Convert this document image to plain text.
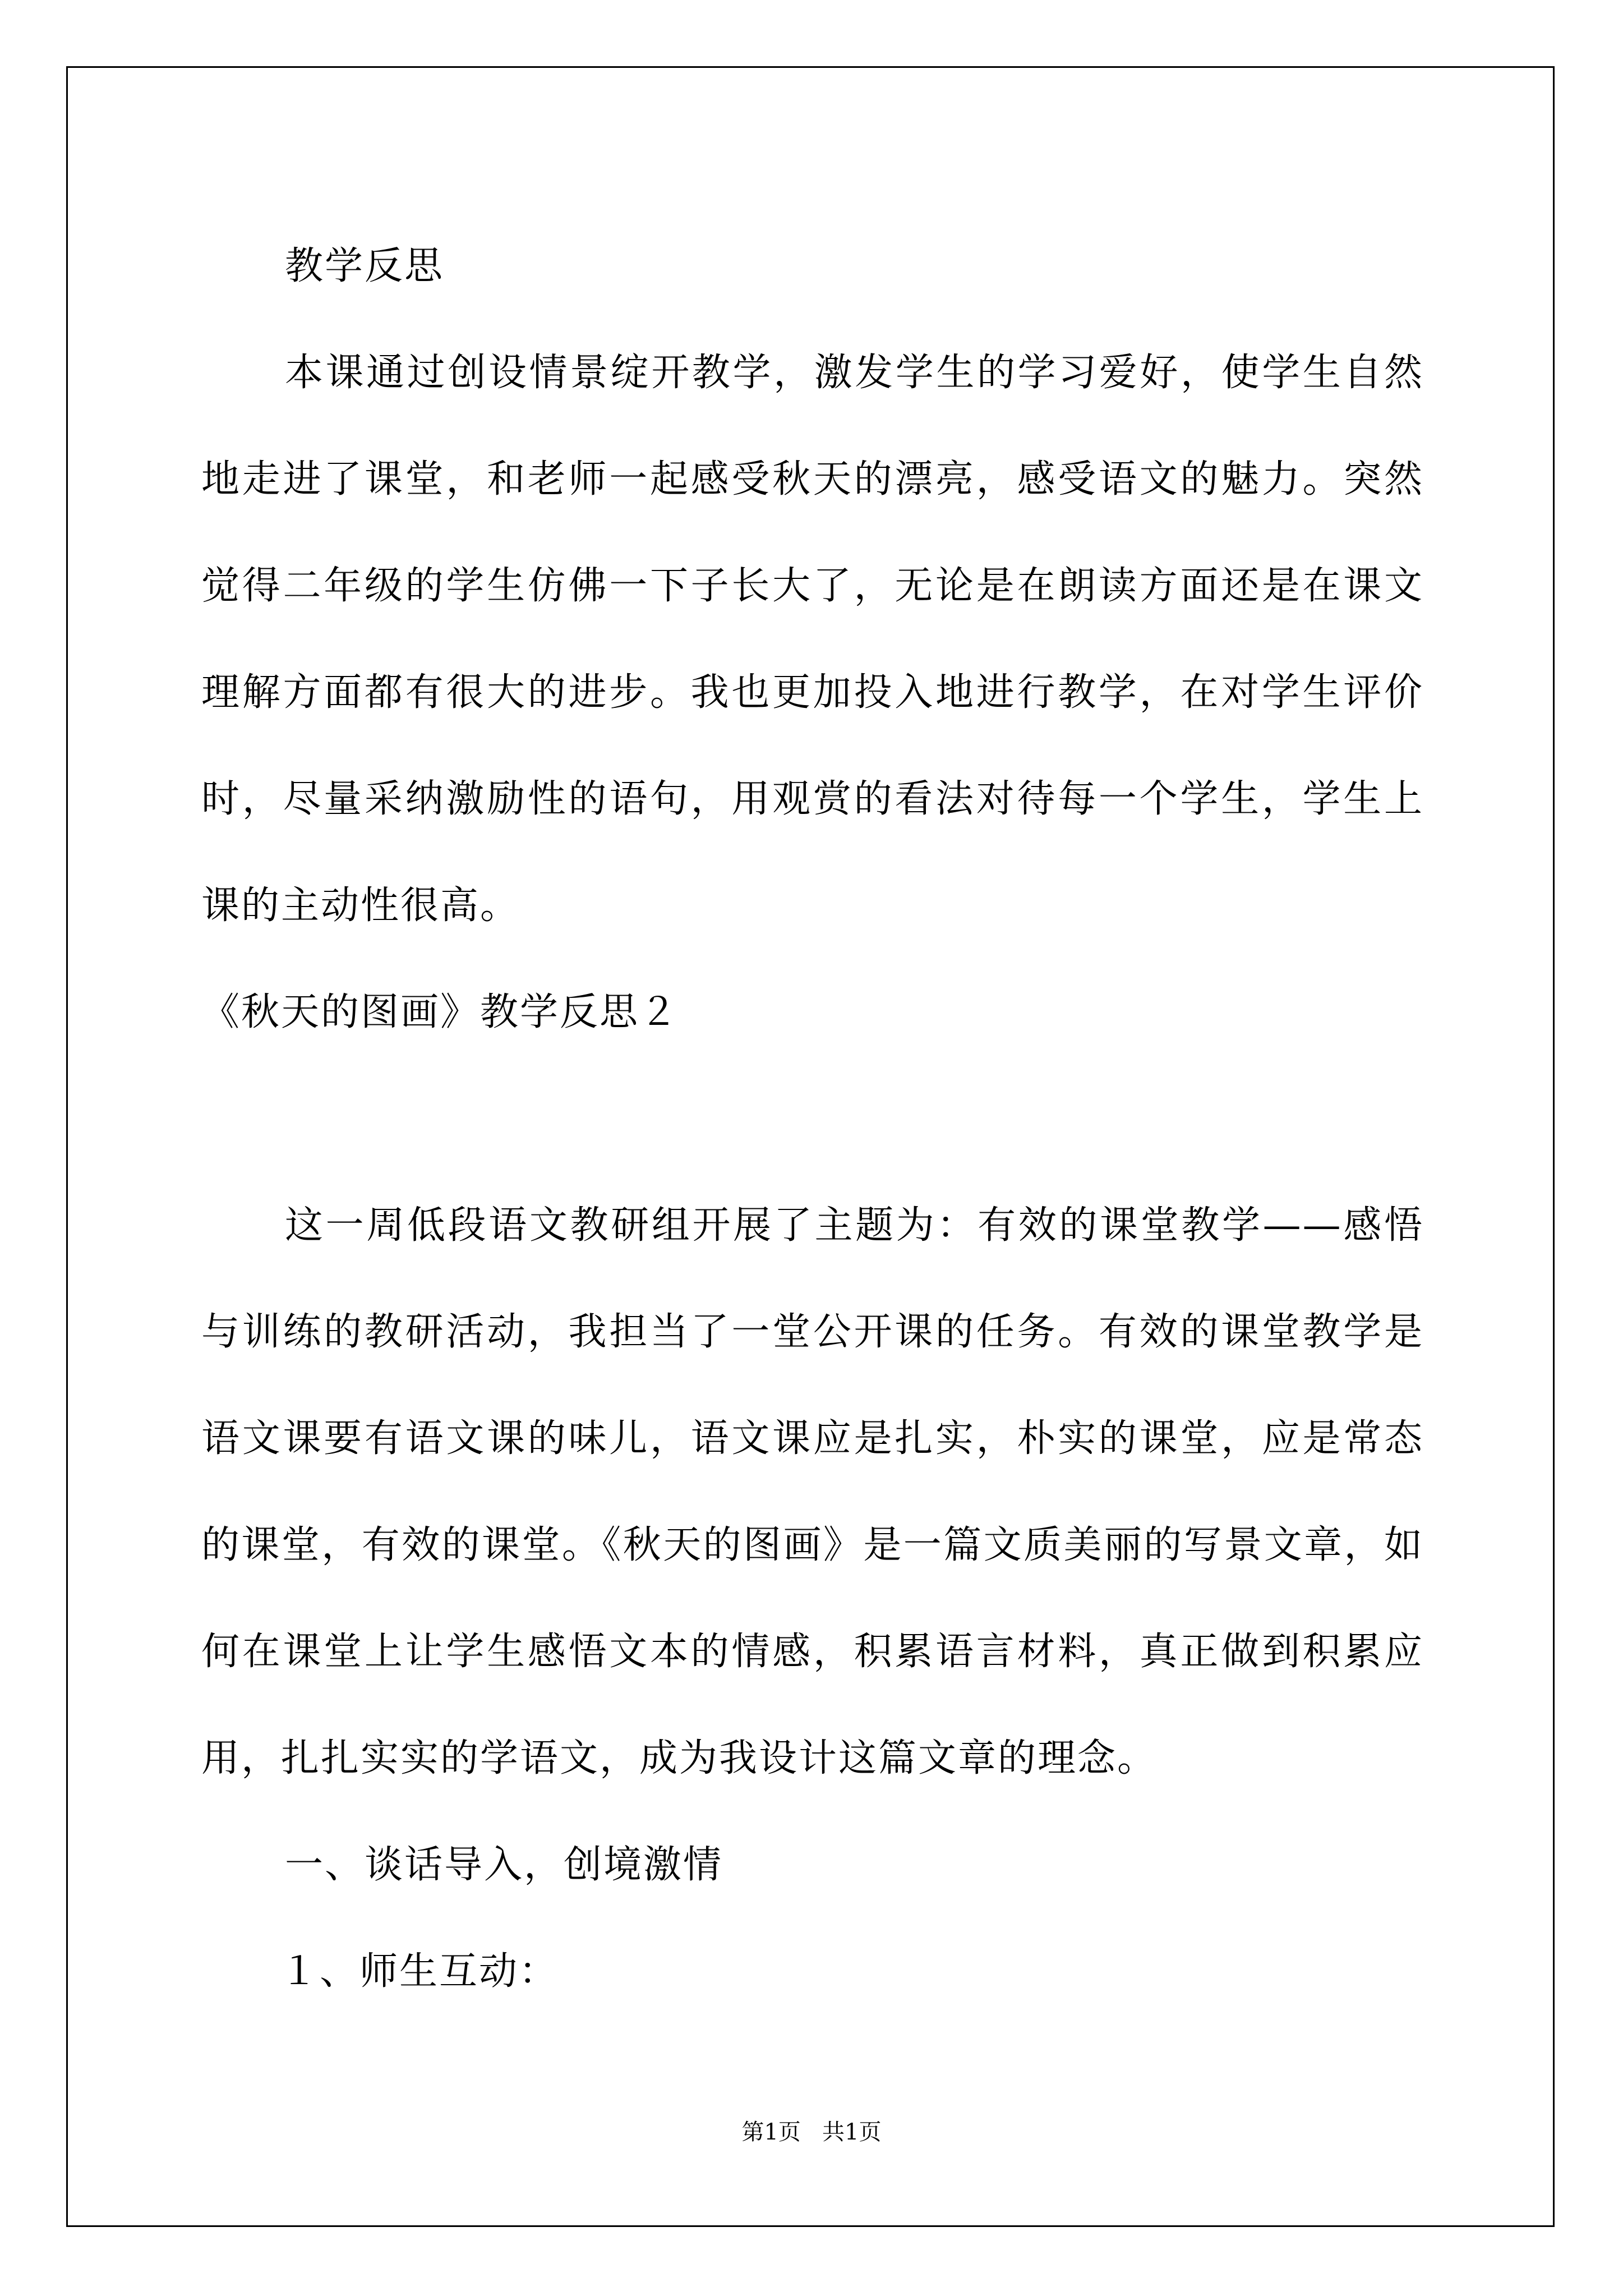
教学反思

本课通过创设情景绽开教学，激发学生的学习爱好，使学生自然地走进了课堂，和老师一起感受秋天的漂亮，感受语文的魅力。突然觉得二年级的学生仿佛一下子长大了，无论是在朗读方面还是在课文理解方面都有很大的进步。我也更加投入地进行教学，在对学生评价时，尽量采纳激励性的语句，用观赏的看法对待每一个学生，学生上课的主动性很高。

《秋天的图画》教学反思２

这一周低段语文教研组开展了主题为：有效的课堂教学——感悟与训练的教研活动，我担当了一堂公开课的任务。有效的课堂教学是语文课要有语文课的味儿，语文课应是扎实，朴实的课堂，应是常态的课堂，有效的课堂。《秋天的图画》是一篇文质美丽的写景文章，如何在课堂上让学生感悟文本的情感，积累语言材料，真正做到积累应用，扎扎实实的学语文，成为我设计这篇文章的理念。

一、谈话导入，创境激情

１、师生互动：

第1页   共1页
